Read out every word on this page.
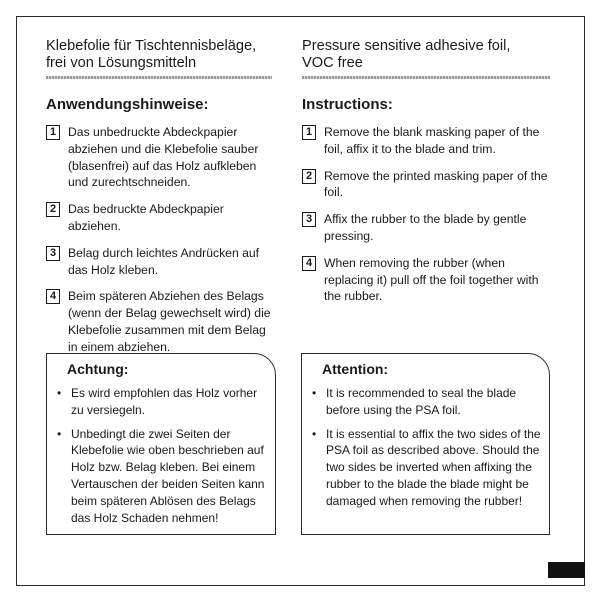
Klebefolie für Tischtennisbeläge,

frei von Lösungsmitteln

Anwendungshinweise:
1 Das unbedruckte Abdeckpapier abziehen und die Klebefolie sauber (blasenfrei) auf das Holz aufkleben und zurechtschneiden.
2 Das bedruckte Abdeckpapier abziehen.
3 Belag durch leichtes Andrücken auf das Holz kleben.
4 Beim späteren Abziehen des Belags (wenn der Belag gewechselt wird) die Klebefolie zusammen mit dem Belag in einem abziehen.
Achtung:
• Es wird empfohlen das Holz vorher zu versiegeln.
• Unbedingt die zwei Seiten der Klebefolie wie oben beschrieben auf Holz bzw. Belag kleben. Bei einem Vertauschen der beiden Seiten kann beim späteren Ablösen des Belags das Holz Schaden nehmen!

Pressure sensitive adhesive foil,

VOC free

Instructions:
1 Remove the blank masking paper of the foil, affix it to the blade and trim.
2 Remove the printed masking paper of the foil.
3 Affix the rubber to the blade by gentle pressing.
4 When removing the rubber (when replacing it) pull off the foil together with the rubber.
Attention:
• It is recommended to seal the blade before using the PSA foil.
• It is essential to affix the two sides of the PSA foil as described above. Should the two sides be inverted when affixing the rubber to the blade the blade might be damaged when removing the rubber!
